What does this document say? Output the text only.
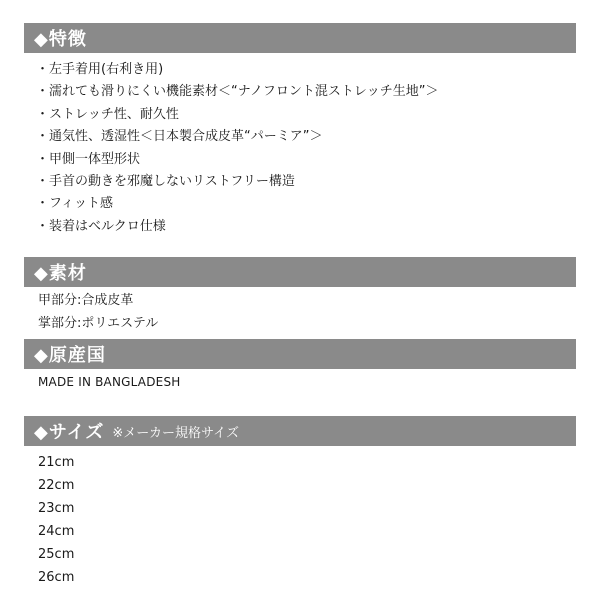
◆特徴
・左手着用(右利き用)
・濡れても滑りにくい機能素材＜“ナノフロント混ストレッチ生地”＞
・ストレッチ性、耐久性
・通気性、透湿性＜日本製合成皮革“パーミア”＞
・甲側一体型形状
・手首の動きを邪魔しないリストフリー構造
・フィット感
・装着はベルクロ仕様
◆素材
甲部分:合成皮革
掌部分:ポリエステル
◆原産国
MADE IN BANGLADESH
◆サイズ ※メーカー規格サイズ
21cm
22cm
23cm
24cm
25cm
26cm
